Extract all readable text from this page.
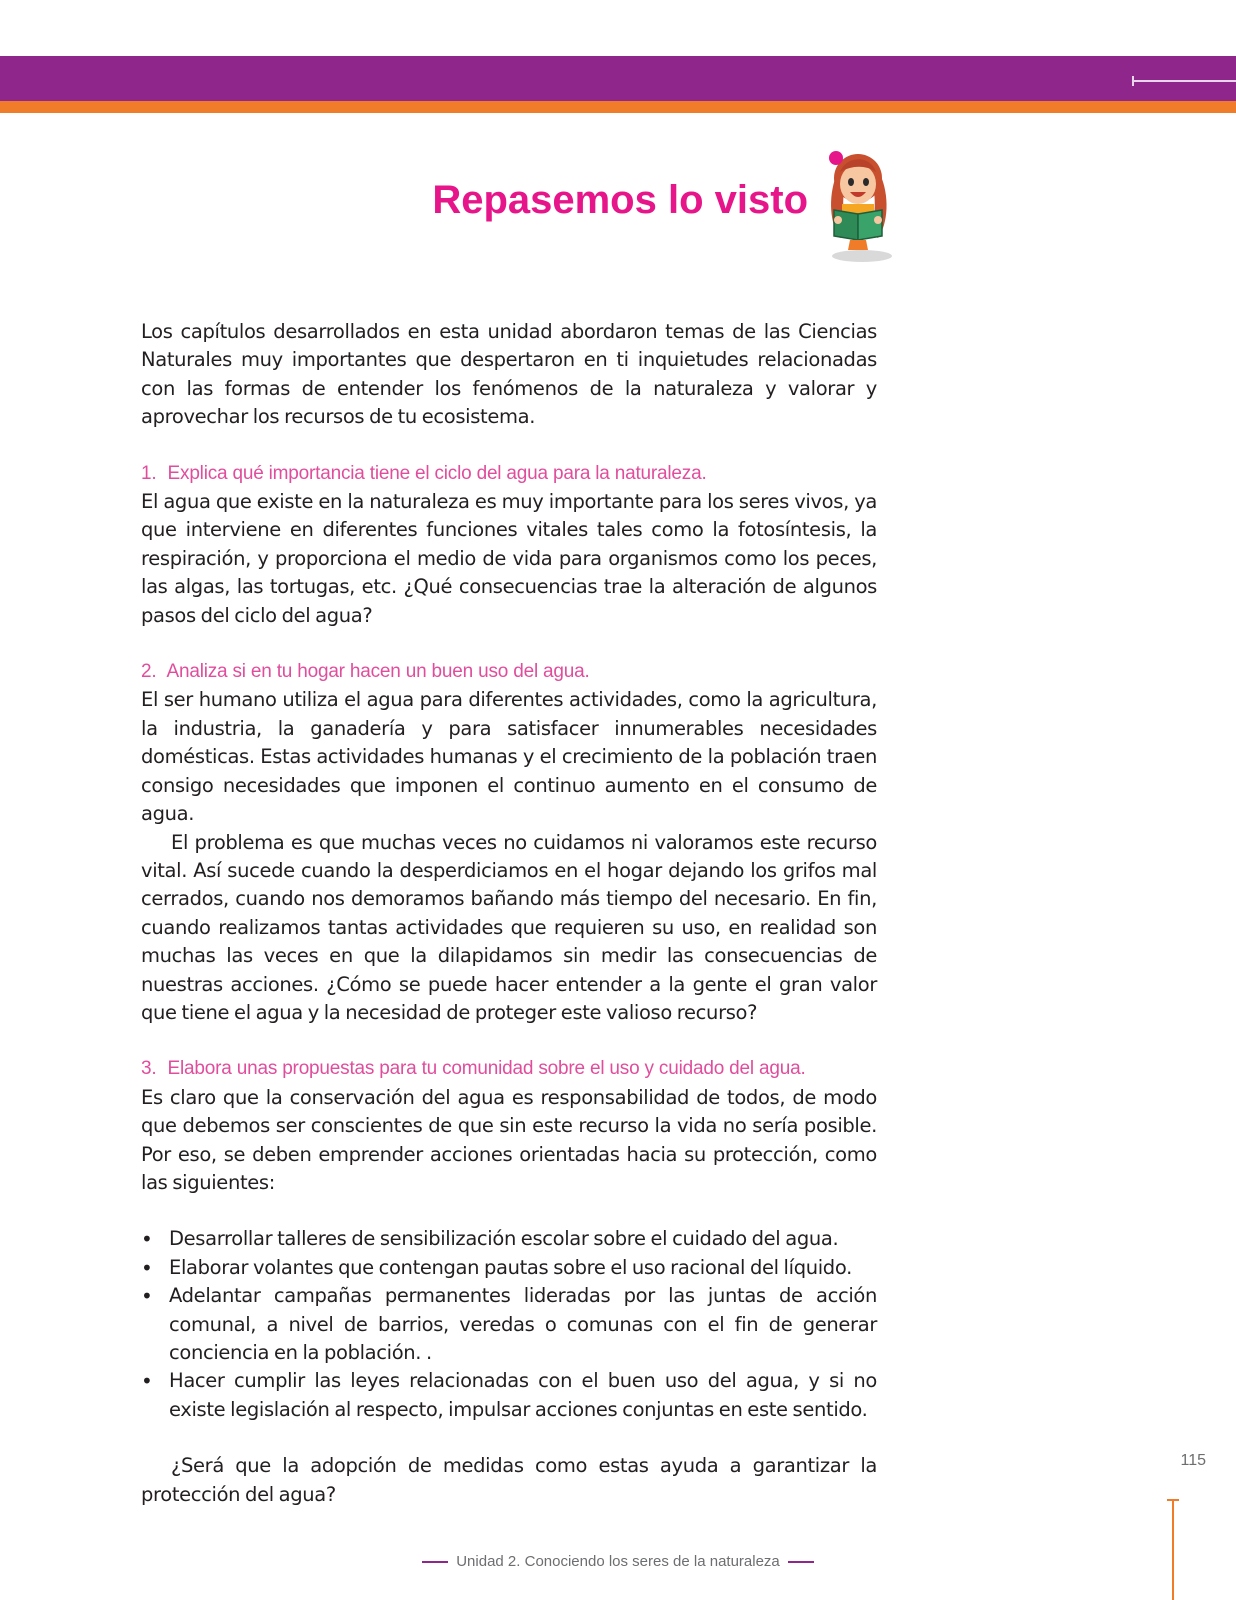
Repasemos lo visto

Los capítulos desarrollados en esta unidad abordaron temas de las Ciencias Naturales muy importantes que despertaron en ti inquietudes relacionadas con las formas de entender los fenómenos de la naturaleza y valorar y aprovechar los recursos de tu ecosistema.

1. Explica qué importancia tiene el ciclo del agua para la naturaleza.

El agua que existe en la naturaleza es muy importante para los seres vivos, ya que interviene en diferentes funciones vitales tales como la fotosíntesis, la respiración, y proporciona el medio de vida para organismos como los peces, las algas, las tortugas, etc. ¿Qué consecuencias trae la alteración de algunos pasos del ciclo del agua?

2. Analiza si en tu hogar hacen un buen uso del agua.

El ser humano utiliza el agua para diferentes actividades, como la agricultura, la industria, la ganadería y para satisfacer innumerables necesidades domésticas. Estas actividades humanas y el crecimiento de la población traen consigo necesidades que imponen el continuo aumento en el consumo de agua.

El problema es que muchas veces no cuidamos ni valoramos este recurso vital. Así sucede cuando la desperdiciamos en el hogar dejando los grifos mal cerrados, cuando nos demoramos bañando más tiempo del necesario. En fin, cuando realizamos tantas actividades que requieren su uso, en realidad son muchas las veces en que la dilapidamos sin medir las consecuencias de nuestras acciones. ¿Cómo se puede hacer entender a la gente el gran valor que tiene el agua y la necesidad de proteger este valioso recurso?

3. Elabora unas propuestas para tu comunidad sobre el uso y cuidado del agua.

Es claro que la conservación del agua es responsabilidad de todos, de modo que debemos ser conscientes de que sin este recurso la vida no sería posible. Por eso, se deben emprender acciones orientadas hacia su protección, como las siguientes:

• Desarrollar talleres de sensibilización escolar sobre el cuidado del agua.
• Elaborar volantes que contengan pautas sobre el uso racional del líquido.
• Adelantar campañas permanentes lideradas por las juntas de acción comunal, a nivel de barrios, veredas o comunas con el fin de generar conciencia en la población. .
• Hacer cumplir las leyes relacionadas con el buen uso del agua, y si no existe legislación al respecto, impulsar acciones conjuntas en este sentido.

¿Será que la adopción de medidas como estas ayuda a garantizar la protección del agua?

115
Unidad 2. Conociendo los seres de la naturaleza
